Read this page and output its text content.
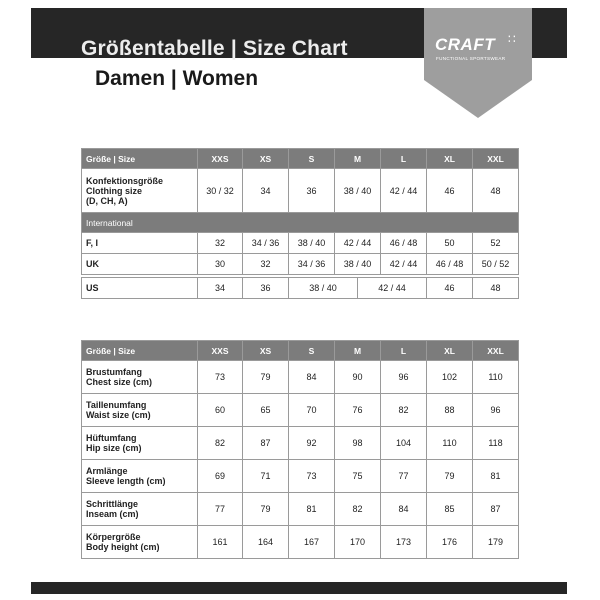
Größentabelle | Size Chart
Damen | Women
CRAFT ∷
FUNCTIONAL SPORTSWEAR
Größe | Size	XXS	XS	S	M	L	XL	XXL
Konfektionsgröße
Clothing size
(D, CH, A)	30 / 32	34	36	38 / 40	42 / 44	46	48
International							
F, I	32	34 / 36	38 / 40	42 / 44	46 / 48	50	52
UK	30	32	34 / 36	38 / 40	42 / 44	46 / 48	50 / 52
US	34	36	38 / 40	42 / 44	46	48
Größe | Size	XXS	XS	S	M	L	XL	XXL
Brustumfang
Chest size (cm)	73	79	84	90	96	102	110
Taillenumfang
Waist size (cm)	60	65	70	76	82	88	96
Hüftumfang
Hip size (cm)	82	87	92	98	104	110	118
Armlänge
Sleeve length (cm)	69	71	73	75	77	79	81
Schrittlänge
Inseam (cm)	77	79	81	82	84	85	87
Körpergröße
Body height (cm)	161	164	167	170	173	176	179
